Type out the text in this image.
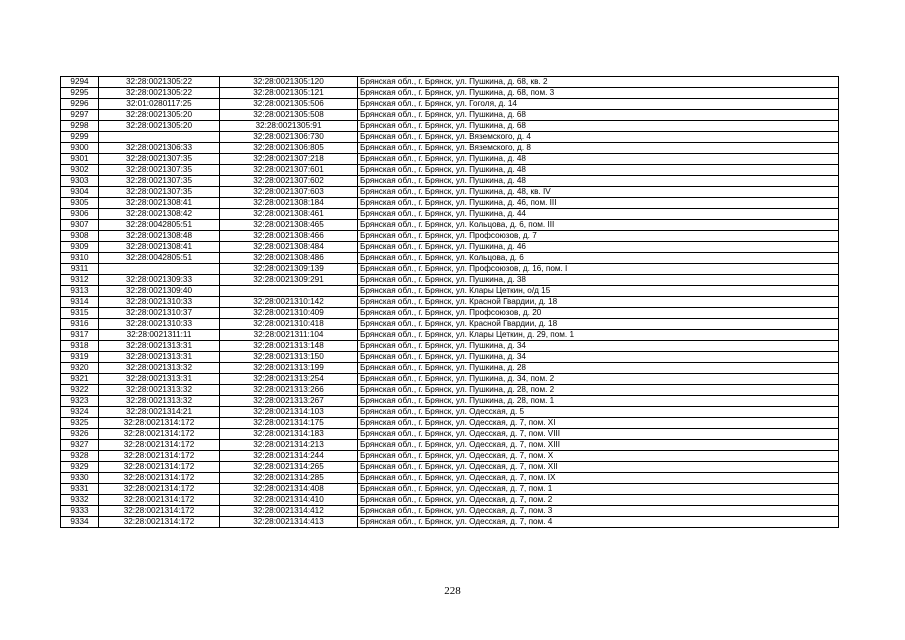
9294	32:28:0021305:22	32:28:0021305:120	Брянская обл., г. Брянск, ул. Пушкина, д. 68, кв. 2
9295	32:28:0021305:22	32:28:0021305:121	Брянская обл., г. Брянск, ул. Пушкина, д. 68, пом. 3
9296	32:01:0280117:25	32:28:0021305:506	Брянская обл., г. Брянск, ул. Гоголя, д. 14
9297	32:28:0021305:20	32:28:0021305:508	Брянская обл., г. Брянск, ул. Пушкина, д. 68
9298	32:28:0021305:20	32:28:0021305:91	Брянская обл., г. Брянск, ул. Пушкина, д. 68
9299		32:28:0021306:730	Брянская обл., г. Брянск, ул. Вяземского, д. 4
9300	32:28:0021306:33	32:28:0021306:805	Брянская обл., г. Брянск, ул. Вяземского, д. 8
9301	32:28:0021307:35	32:28:0021307:218	Брянская обл., г. Брянск, ул. Пушкина, д. 48
9302	32:28:0021307:35	32:28:0021307:601	Брянская обл., г. Брянск, ул. Пушкина, д. 48
9303	32:28:0021307:35	32:28:0021307:602	Брянская обл., г. Брянск, ул. Пушкина, д. 48
9304	32:28:0021307:35	32:28:0021307:603	Брянская обл., г. Брянск, ул. Пушкина, д. 48, кв. IV
9305	32:28:0021308:41	32:28:0021308:184	Брянская обл., г. Брянск, ул. Пушкина, д. 46, пом. III
9306	32:28:0021308:42	32:28:0021308:461	Брянская обл., г. Брянск, ул. Пушкина, д. 44
9307	32:28:0042805:51	32:28:0021308:465	Брянская обл., г. Брянск, ул. Кольцова, д. 6, пом. III
9308	32:28:0021308:48	32:28:0021308:466	Брянская обл., г. Брянск, ул. Профсоюзов, д. 7
9309	32:28:0021308:41	32:28:0021308:484	Брянская обл., г. Брянск, ул. Пушкина, д. 46
9310	32:28:0042805:51	32:28:0021308:486	Брянская обл., г. Брянск, ул. Кольцова, д. 6
9311		32:28:0021309:139	Брянская обл., г. Брянск, ул. Профсоюзов, д. 16, пом. I
9312	32:28:0021309:33	32:28:0021309:291	Брянская обл., г. Брянск, ул. Пушкина, д. 38
9313	32:28:0021309:40		Брянская обл., г. Брянск, ул. Клары Цеткин, о/д 15
9314	32:28:0021310:33	32:28:0021310:142	Брянская обл., г. Брянск, ул. Красной Гвардии, д. 18
9315	32:28:0021310:37	32:28:0021310:409	Брянская обл., г. Брянск, ул. Профсоюзов, д. 20
9316	32:28:0021310:33	32:28:0021310:418	Брянская обл., г. Брянск, ул. Красной Гвардии, д. 18
9317	32:28:0021311:11	32:28:0021311:104	Брянская обл., г. Брянск, ул. Клары Цеткин, д. 29, пом. 1
9318	32:28:0021313:31	32:28:0021313:148	Брянская обл., г. Брянск, ул. Пушкина, д. 34
9319	32:28:0021313:31	32:28:0021313:150	Брянская обл., г. Брянск, ул. Пушкина, д. 34
9320	32:28:0021313:32	32:28:0021313:199	Брянская обл., г. Брянск, ул. Пушкина, д. 28
9321	32:28:0021313:31	32:28:0021313:254	Брянская обл., г. Брянск, ул. Пушкина, д. 34, пом. 2
9322	32:28:0021313:32	32:28:0021313:266	Брянская обл., г. Брянск, ул. Пушкина, д. 28, пом. 2
9323	32:28:0021313:32	32:28:0021313:267	Брянская обл., г. Брянск, ул. Пушкина, д. 28, пом. 1
9324	32:28:0021314:21	32:28:0021314:103	Брянская обл., г. Брянск, ул. Одесская, д. 5
9325	32:28:0021314:172	32:28:0021314:175	Брянская обл., г. Брянск, ул. Одесская, д. 7, пом. XI
9326	32:28:0021314:172	32:28:0021314:183	Брянская обл., г. Брянск, ул. Одесская, д. 7, пом. VIII
9327	32:28:0021314:172	32:28:0021314:213	Брянская обл., г. Брянск, ул. Одесская, д. 7, пом. XIII
9328	32:28:0021314:172	32:28:0021314:244	Брянская обл., г. Брянск, ул. Одесская, д. 7, пом. X
9329	32:28:0021314:172	32:28:0021314:265	Брянская обл., г. Брянск, ул. Одесская, д. 7, пом. XII
9330	32:28:0021314:172	32:28:0021314:285	Брянская обл., г. Брянск, ул. Одесская, д. 7, пом. IX
9331	32:28:0021314:172	32:28:0021314:408	Брянская обл., г. Брянск, ул. Одесская, д. 7, пом. 1
9332	32:28:0021314:172	32:28:0021314:410	Брянская обл., г. Брянск, ул. Одесская, д. 7, пом. 2
9333	32:28:0021314:172	32:28:0021314:412	Брянская обл., г. Брянск, ул. Одесская, д. 7, пом. 3
9334	32:28:0021314:172	32:28:0021314:413	Брянская обл., г. Брянск, ул. Одесская, д. 7, пом. 4
228
